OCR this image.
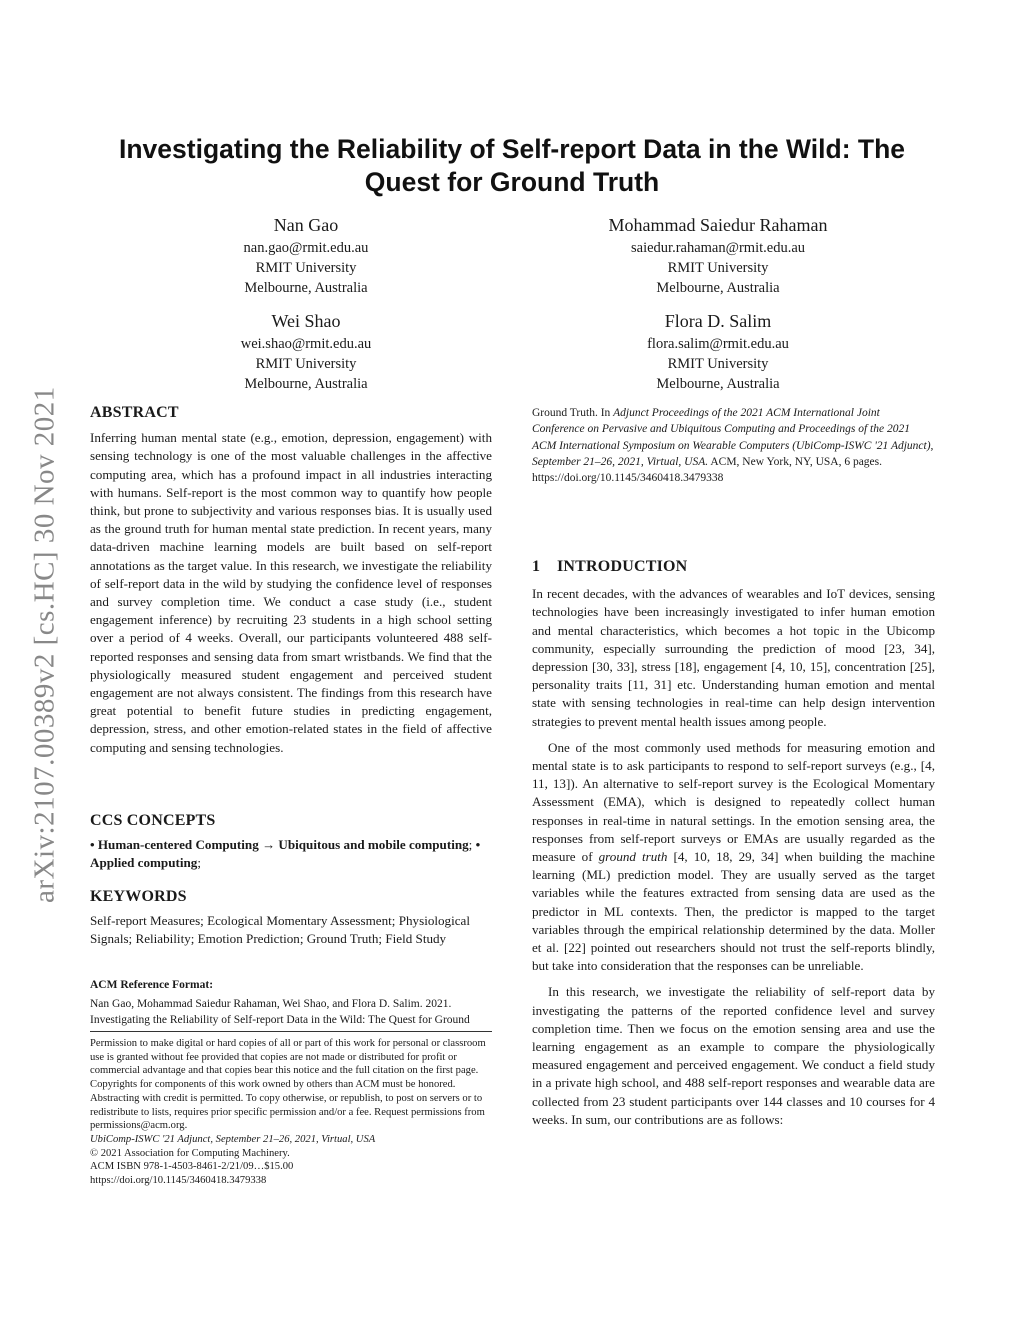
arXiv:2107.00389v2 [cs.HC] 30 Nov 2021
Investigating the Reliability of Self-report Data in the Wild: The
Quest for Ground Truth
Nan Gao
nan.gao@rmit.edu.au
RMIT University
Melbourne, Australia
Mohammad Saiedur Rahaman
saiedur.rahaman@rmit.edu.au
RMIT University
Melbourne, Australia
Wei Shao
wei.shao@rmit.edu.au
RMIT University
Melbourne, Australia
Flora D. Salim
flora.salim@rmit.edu.au
RMIT University
Melbourne, Australia
ABSTRACT

Inferring human mental state (e.g., emotion, depression, engagement) with sensing technology is one of the most valuable challenges in the affective computing area, which has a profound impact in all industries interacting with humans. Self-report is the most common way to quantify how people think, but prone to subjectivity and various responses bias. It is usually used as the ground truth for human mental state prediction. In recent years, many data-driven machine learning models are built based on self-report annotations as the target value. In this research, we investigate the reliability of self-report data in the wild by studying the confidence level of responses and survey completion time. We conduct a case study (i.e., student engagement inference) by recruiting 23 students in a high school setting over a period of 4 weeks. Overall, our participants volunteered 488 self-reported responses and sensing data from smart wristbands. We find that the physiologically measured student engagement and perceived student engagement are not always consistent. The findings from this research have great potential to benefit future studies in predicting engagement, depression, stress, and other emotion-related states in the field of affective computing and sensing technologies.

CCS CONCEPTS

• Human-centered Computing → Ubiquitous and mobile computing; • Applied computing;

KEYWORDS

Self-report Measures; Ecological Momentary Assessment; Physiological Signals; Reliability; Emotion Prediction; Ground Truth; Field Study

ACM Reference Format:

Nan Gao, Mohammad Saiedur Rahaman, Wei Shao, and Flora D. Salim. 2021. Investigating the Reliability of Self-report Data in the Wild: The Quest for Ground

Permission to make digital or hard copies of all or part of this work for personal or classroom use is granted without fee provided that copies are not made or distributed for profit or commercial advantage and that copies bear this notice and the full citation on the first page. Copyrights for components of this work owned by others than ACM must be honored. Abstracting with credit is permitted. To copy otherwise, or republish, to post on servers or to redistribute to lists, requires prior specific permission and/or a fee. Request permissions from permissions@acm.org.

UbiComp-ISWC '21 Adjunct, September 21–26, 2021, Virtual, USA

© 2021 Association for Computing Machinery.

ACM ISBN 978-1-4503-8461-2/21/09…$15.00

https://doi.org/10.1145/3460418.3479338

Ground Truth. In Adjunct Proceedings of the 2021 ACM International Joint Conference on Pervasive and Ubiquitous Computing and Proceedings of the 2021 ACM International Symposium on Wearable Computers (UbiComp-ISWC '21 Adjunct), September 21–26, 2021, Virtual, USA. ACM, New York, NY, USA, 6 pages. https://doi.org/10.1145/3460418.3479338
1    INTRODUCTION

In recent decades, with the advances of wearables and IoT devices, sensing technologies have been increasingly investigated to infer human emotion and mental characteristics, which becomes a hot topic in the Ubicomp community, especially surrounding the prediction of mood [23, 34], depression [30, 33], stress [18], engagement [4, 10, 15], concentration [25], personality traits [11, 31] etc. Understanding human emotion and mental state with sensing technologies in real-time can help design intervention strategies to prevent mental health issues among people.

One of the most commonly used methods for measuring emotion and mental state is to ask participants to respond to self-report surveys (e.g., [4, 11, 13]). An alternative to self-report survey is the Ecological Momentary Assessment (EMA), which is designed to repeatedly collect human responses in real-time in natural settings. In the emotion sensing area, the responses from self-report surveys or EMAs are usually regarded as the measure of ground truth [4, 10, 18, 29, 34] when building the machine learning (ML) prediction model. They are usually served as the target variables while the features extracted from sensing data are used as the predictor in ML contexts. Then, the predictor is mapped to the target variables through the empirical relationship determined by the data. Moller et al. [22] pointed out researchers should not trust the self-reports blindly, but take into consideration that the responses can be unreliable.

In this research, we investigate the reliability of self-report data by investigating the patterns of the reported confidence level and survey completion time. Then we focus on the emotion sensing area and use the learning engagement as an example to compare the physiologically measured engagement and perceived engagement. We conduct a field study in a private high school, and 488 self-report responses and wearable data are collected from 23 student participants over 144 classes and 10 courses for 4 weeks. In sum, our contributions are as follows:
